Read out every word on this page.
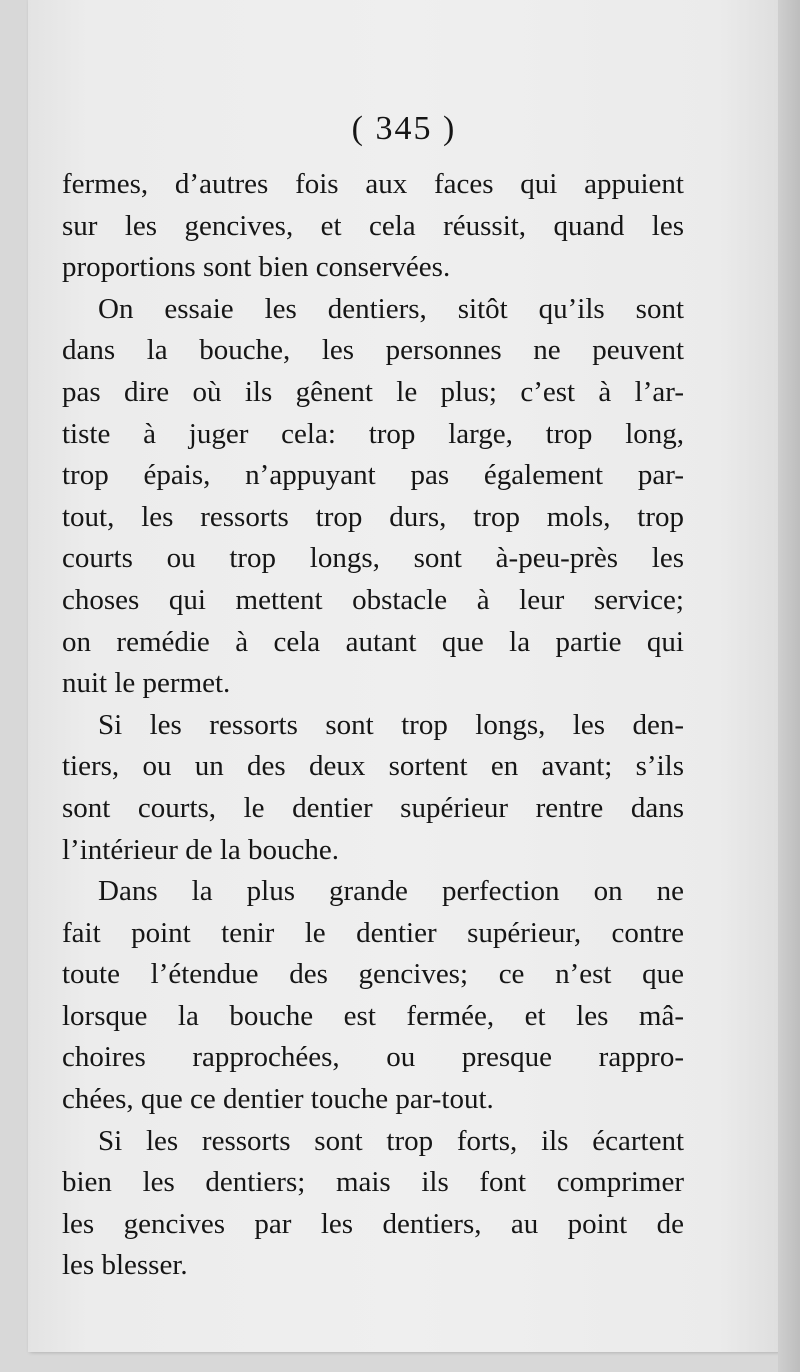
( 345 )
fermes, d’autres fois aux faces qui appuient
sur les gencives, et cela réussit, quand les
proportions sont bien conservées.
On essaie les dentiers, sitôt qu’ils sont
dans la bouche, les personnes ne peuvent
pas dire où ils gênent le plus; c’est à l’ar-
tiste à juger cela: trop large, trop long,
trop épais, n’appuyant pas également par-
tout, les ressorts trop durs, trop mols, trop
courts ou trop longs, sont à-peu-près les
choses qui mettent obstacle à leur service;
on remédie à cela autant que la partie qui
nuit le permet.
Si les ressorts sont trop longs, les den-
tiers, ou un des deux sortent en avant; s’ils
sont courts, le dentier supérieur rentre dans
l’intérieur de la bouche.
Dans la plus grande perfection on ne
fait point tenir le dentier supérieur, contre
toute l’étendue des gencives; ce n’est que
lorsque la bouche est fermée, et les mâ-
choires rapprochées, ou presque rappro-
chées, que ce dentier touche par-tout.
Si les ressorts sont trop forts, ils écartent
bien les dentiers; mais ils font comprimer
les gencives par les dentiers, au point de
les blesser.
